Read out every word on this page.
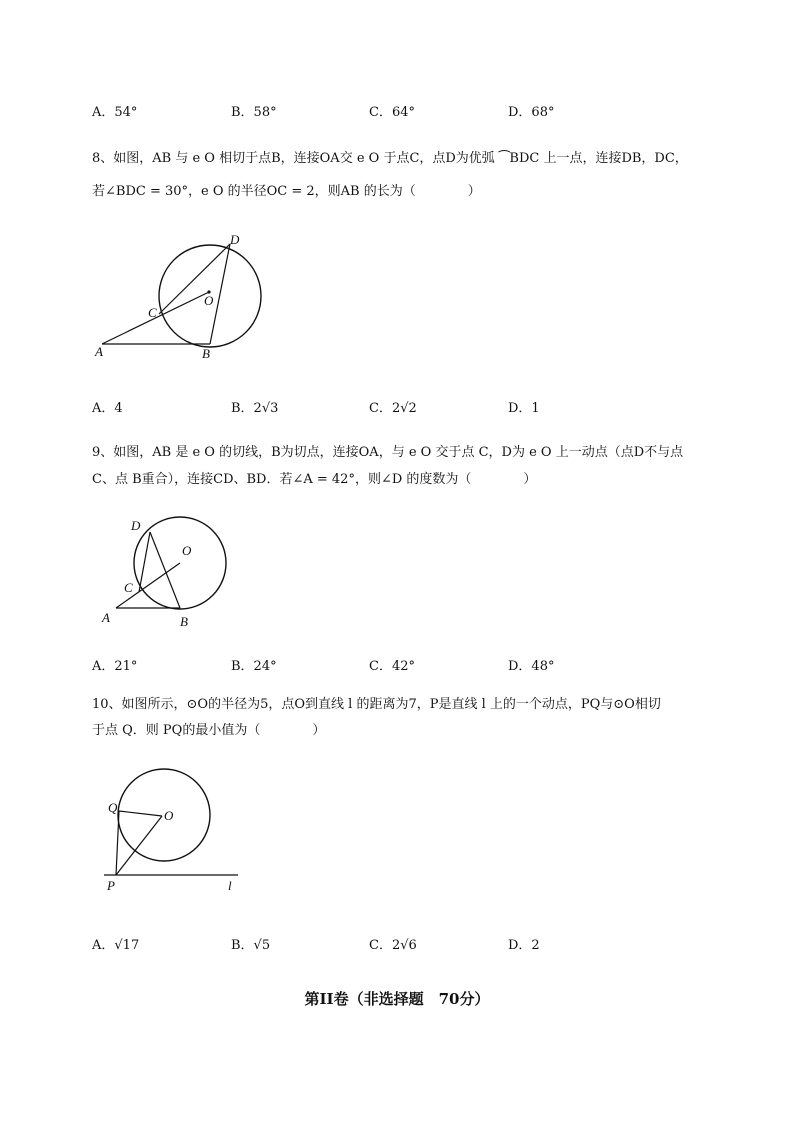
A．54°	B．58°	C．64°	D．68°
8、如图，AB 与 e O 相切于点B，连接OA交 e O 于点C，点D为优弧 ⁀BDC 上一点，连接DB，DC，
若∠BDC = 30°，e O 的半径OC = 2，则AB 的长为（　　　　）
D
O
C
A	B
A．4	B．2√3	C．2√2	D．1
9、如图，AB 是 e O 的切线，B为切点，连接OA，与 e O 交于点 C，D为 e O 上一动点（点D不与点
C、点 B重合），连接CD、BD．若∠A = 42°，则∠D 的度数为（　　　　）
D
O
C
A	B
A．21°	B．24°	C．42°	D．48°
10、如图所示，⊙O的半径为5，点O到直线 l 的距离为7，P是直线 l 上的一个动点，PQ与⊙O相切
于点 Q．则 PQ的最小值为（　　　　）
Q
O
P	l
A．√17	B．√5	C．2√6	D．2
第II卷（非选择题　70分）
